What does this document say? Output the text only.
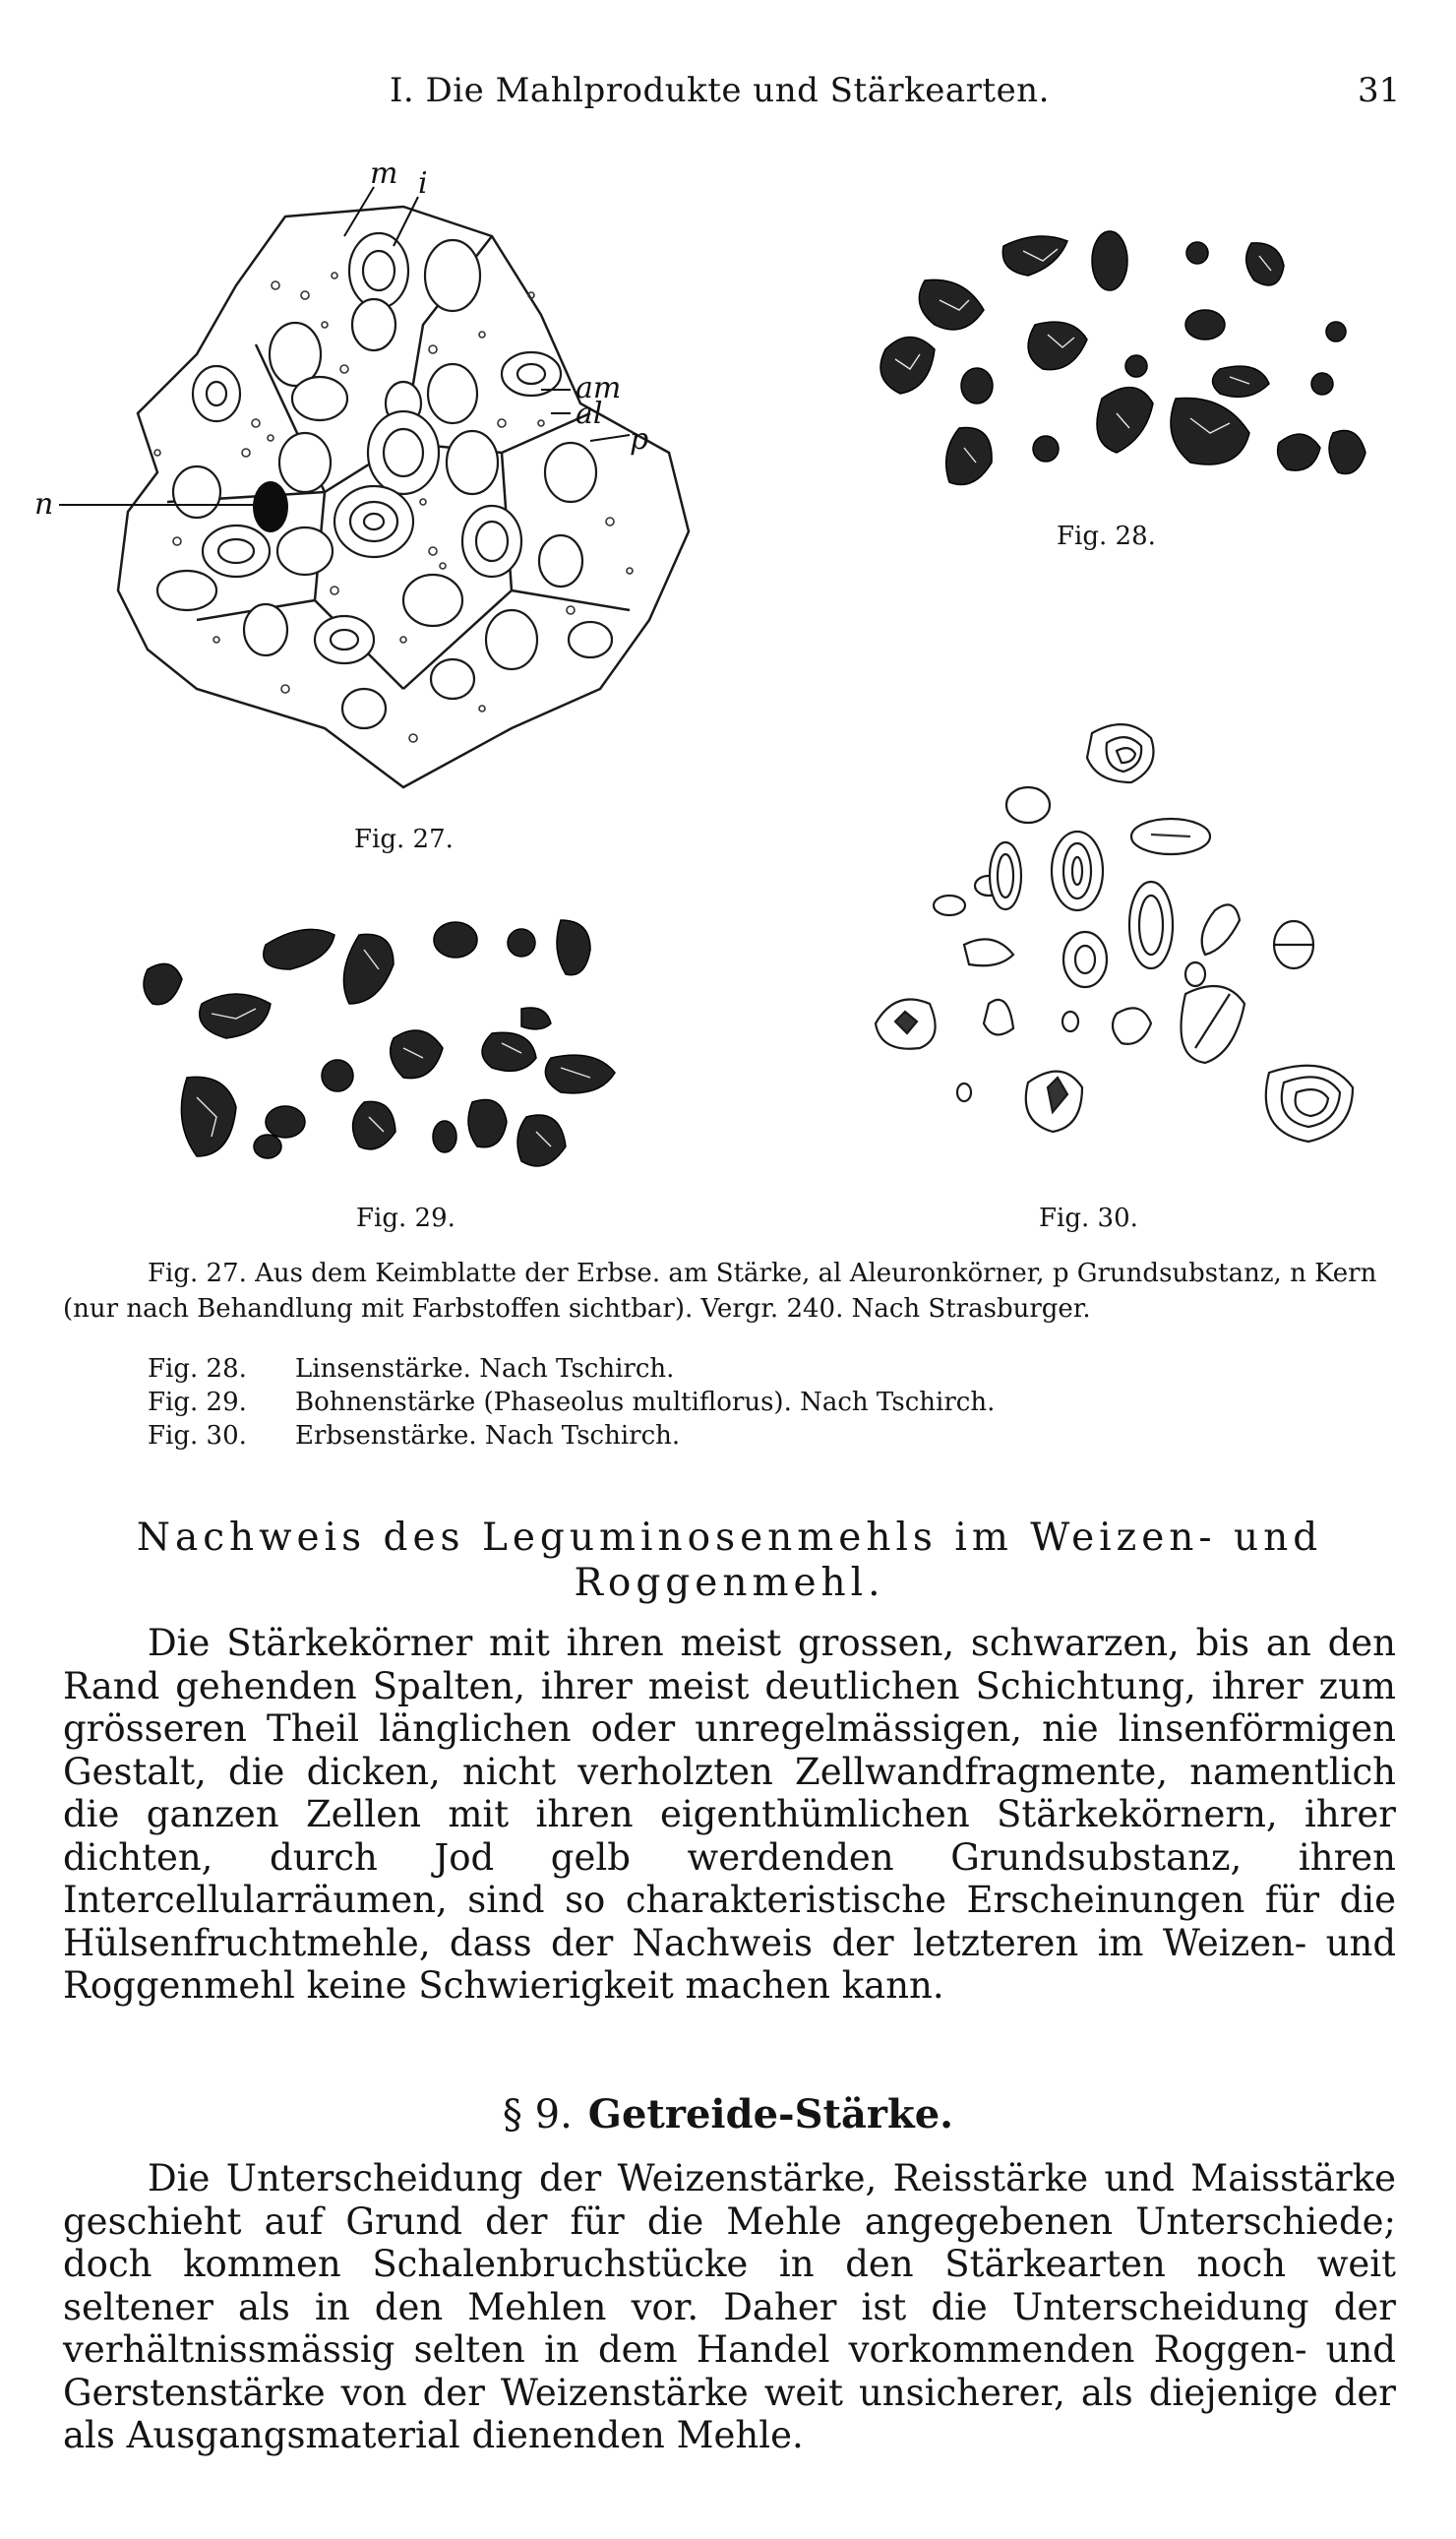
I. Die Mahlprodukte und Stärkearten.	31
m i
am
al
p
n
Fig. 27.
Fig. 28.
Fig. 29.	Fig. 30.
Fig. 27. Aus dem Keimblatte der Erbse. am Stärke, al Aleuronkörner, p Grundsubstanz, n Kern (nur nach Behandlung mit Farbstoffen sichtbar). Vergr. 240. Nach Strasburger.
Fig. 28. Linsenstärke. Nach Tschirch.
Fig. 29. Bohnenstärke (Phaseolus multiflorus). Nach Tschirch.
Fig. 30. Erbsenstärke. Nach Tschirch.
Nachweis des Leguminosenmehls im Weizen- und Roggenmehl.
Die Stärkekörner mit ihren meist grossen, schwarzen, bis an den Rand gehenden Spalten, ihrer meist deutlichen Schichtung, ihrer zum grösseren Theil länglichen oder unregelmässigen, nie linsenförmigen Gestalt, die dicken, nicht verholzten Zellwandfragmente, namentlich die ganzen Zellen mit ihren eigenthümlichen Stärkekörnern, ihrer dichten, durch Jod gelb werdenden Grundsubstanz, ihren Intercellularräumen, sind so charakteristische Erscheinungen für die Hülsenfruchtmehle, dass der Nachweis der letzteren im Weizen- und Roggenmehl keine Schwierigkeit machen kann.
§ 9. Getreide-Stärke.
Die Unterscheidung der Weizenstärke, Reisstärke und Maisstärke geschieht auf Grund der für die Mehle angegebenen Unterschiede; doch kommen Schalenbruchstücke in den Stärkearten noch weit seltener als in den Mehlen vor. Daher ist die Unterscheidung der verhältnissmässig selten in dem Handel vorkommenden Roggen- und Gerstenstärke von der Weizenstärke weit unsicherer, als diejenige der als Ausgangsmaterial dienenden Mehle.
